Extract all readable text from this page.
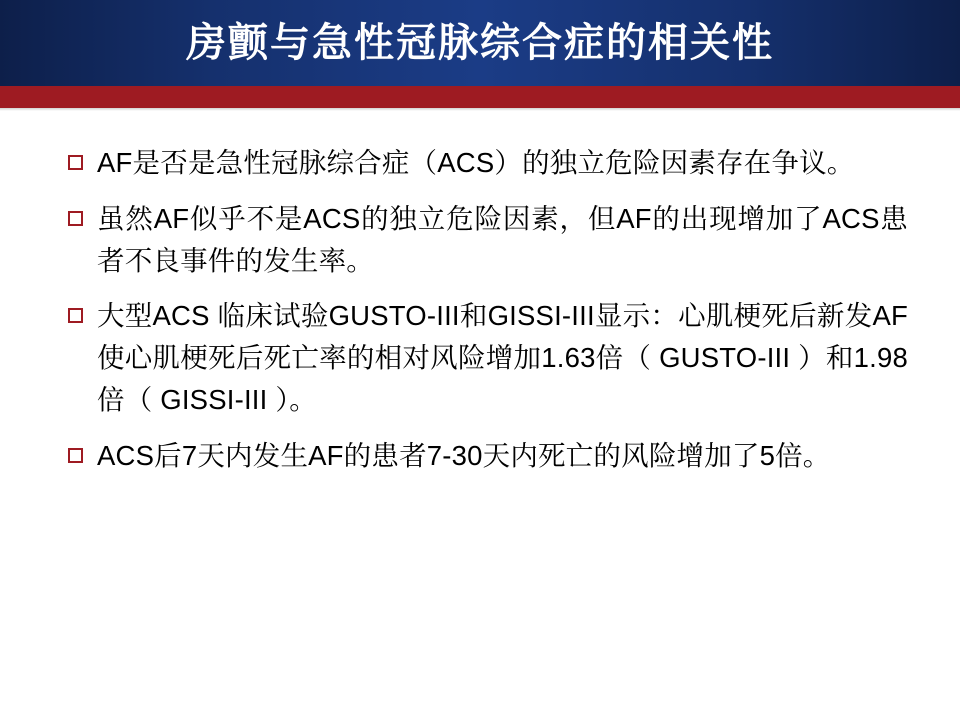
房颤与急性冠脉综合症的相关性
AF是否是急性冠脉综合症（ACS）的独立危险因素存在争议。
虽然AF似乎不是ACS的独立危险因素，但AF的出现增加了ACS患者不良事件的发生率。
大型ACS 临床试验GUSTO-III和GISSI-III显示：心肌梗死后新发AF使心肌梗死后死亡率的相对风险增加1.63倍（ GUSTO-III ）和1.98倍（ GISSI-III ）。
ACS后7天内发生AF的患者7-30天内死亡的风险增加了5倍。
